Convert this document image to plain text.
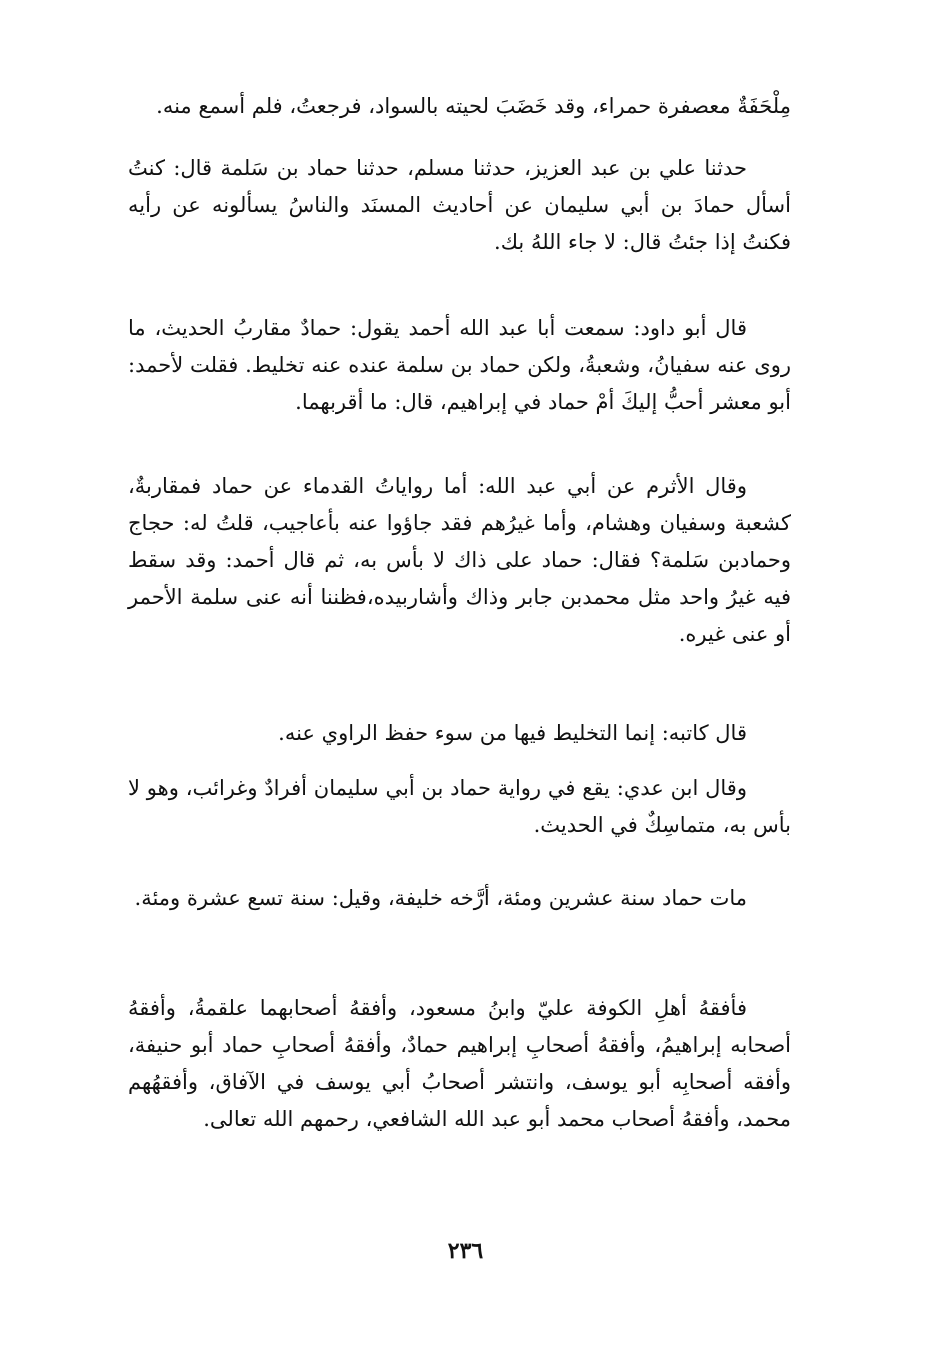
مِلْحَفَةٌ معصفرة حمراء، وقد خَضَبَ لحيته بالسواد، فرجعتُ، فلم أسمع منه.

حدثنا علي بن عبد العزيز، حدثنا مسلم، حدثنا حماد بن سَلمة قال: كنتُ أسأل حمادَ بن أبي سليمان عن أحاديث المسنَد والناسُ يسألونه عن رأيه فكنتُ إذا جئتُ قال: لا جاء اللهُ بك.

قال أبو داود: سمعت أبا عبد الله أحمد يقول: حمادٌ مقاربُ الحديث، ما روى عنه سفيانُ، وشعبةُ، ولكن حماد بن سلمة عنده عنه تخليط. فقلت لأحمد: أبو معشر أحبُّ إليكَ أمْ حماد في إبراهيم، قال: ما أقربهما.

وقال الأثرم عن أبي عبد الله: أما رواياتُ القدماء عن حماد فمقاربةٌ، كشعبة وسفيان وهشام، وأما غيرُهم فقد جاؤوا عنه بأعاجيب، قلتُ له: حجاج وحمادبن سَلمة؟ فقال: حماد على ذاك لا بأس به، ثم قال أحمد: وقد سقط فيه غيرُ واحد مثل محمدبن جابر وذاك وأشاربيده،فظننا أنه عنى سلمة الأحمر أو عنى غيره.

قال كاتبه: إنما التخليط فيها من سوء حفظ الراوي عنه.

وقال ابن عدي: يقع في رواية حماد بن أبي سليمان أفرادٌ وغرائب، وهو لا بأس به، متماسِكٌ في الحديث.

مات حماد سنة عشرين ومئة، أرَّخه خليفة، وقيل: سنة تسع عشرة ومئة.

فأفقهُ أهلِ الكوفة عليّ وابنُ مسعود، وأفقهُ أصحابهما علقمةُ، وأفقهُ أصحابه إبراهيمُ، وأفقهُ أصحابِ إبراهيم حمادٌ، وأفقهُ أصحابِ حماد أبو حنيفة، وأفقه أصحابِه أبو يوسف، وانتشر أصحابُ أبي يوسف في الآفاق، وأفقهُهم محمد، وأفقهُ أصحاب محمد أبو عبد الله الشافعي، رحمهم الله تعالى.

٢٣٦
